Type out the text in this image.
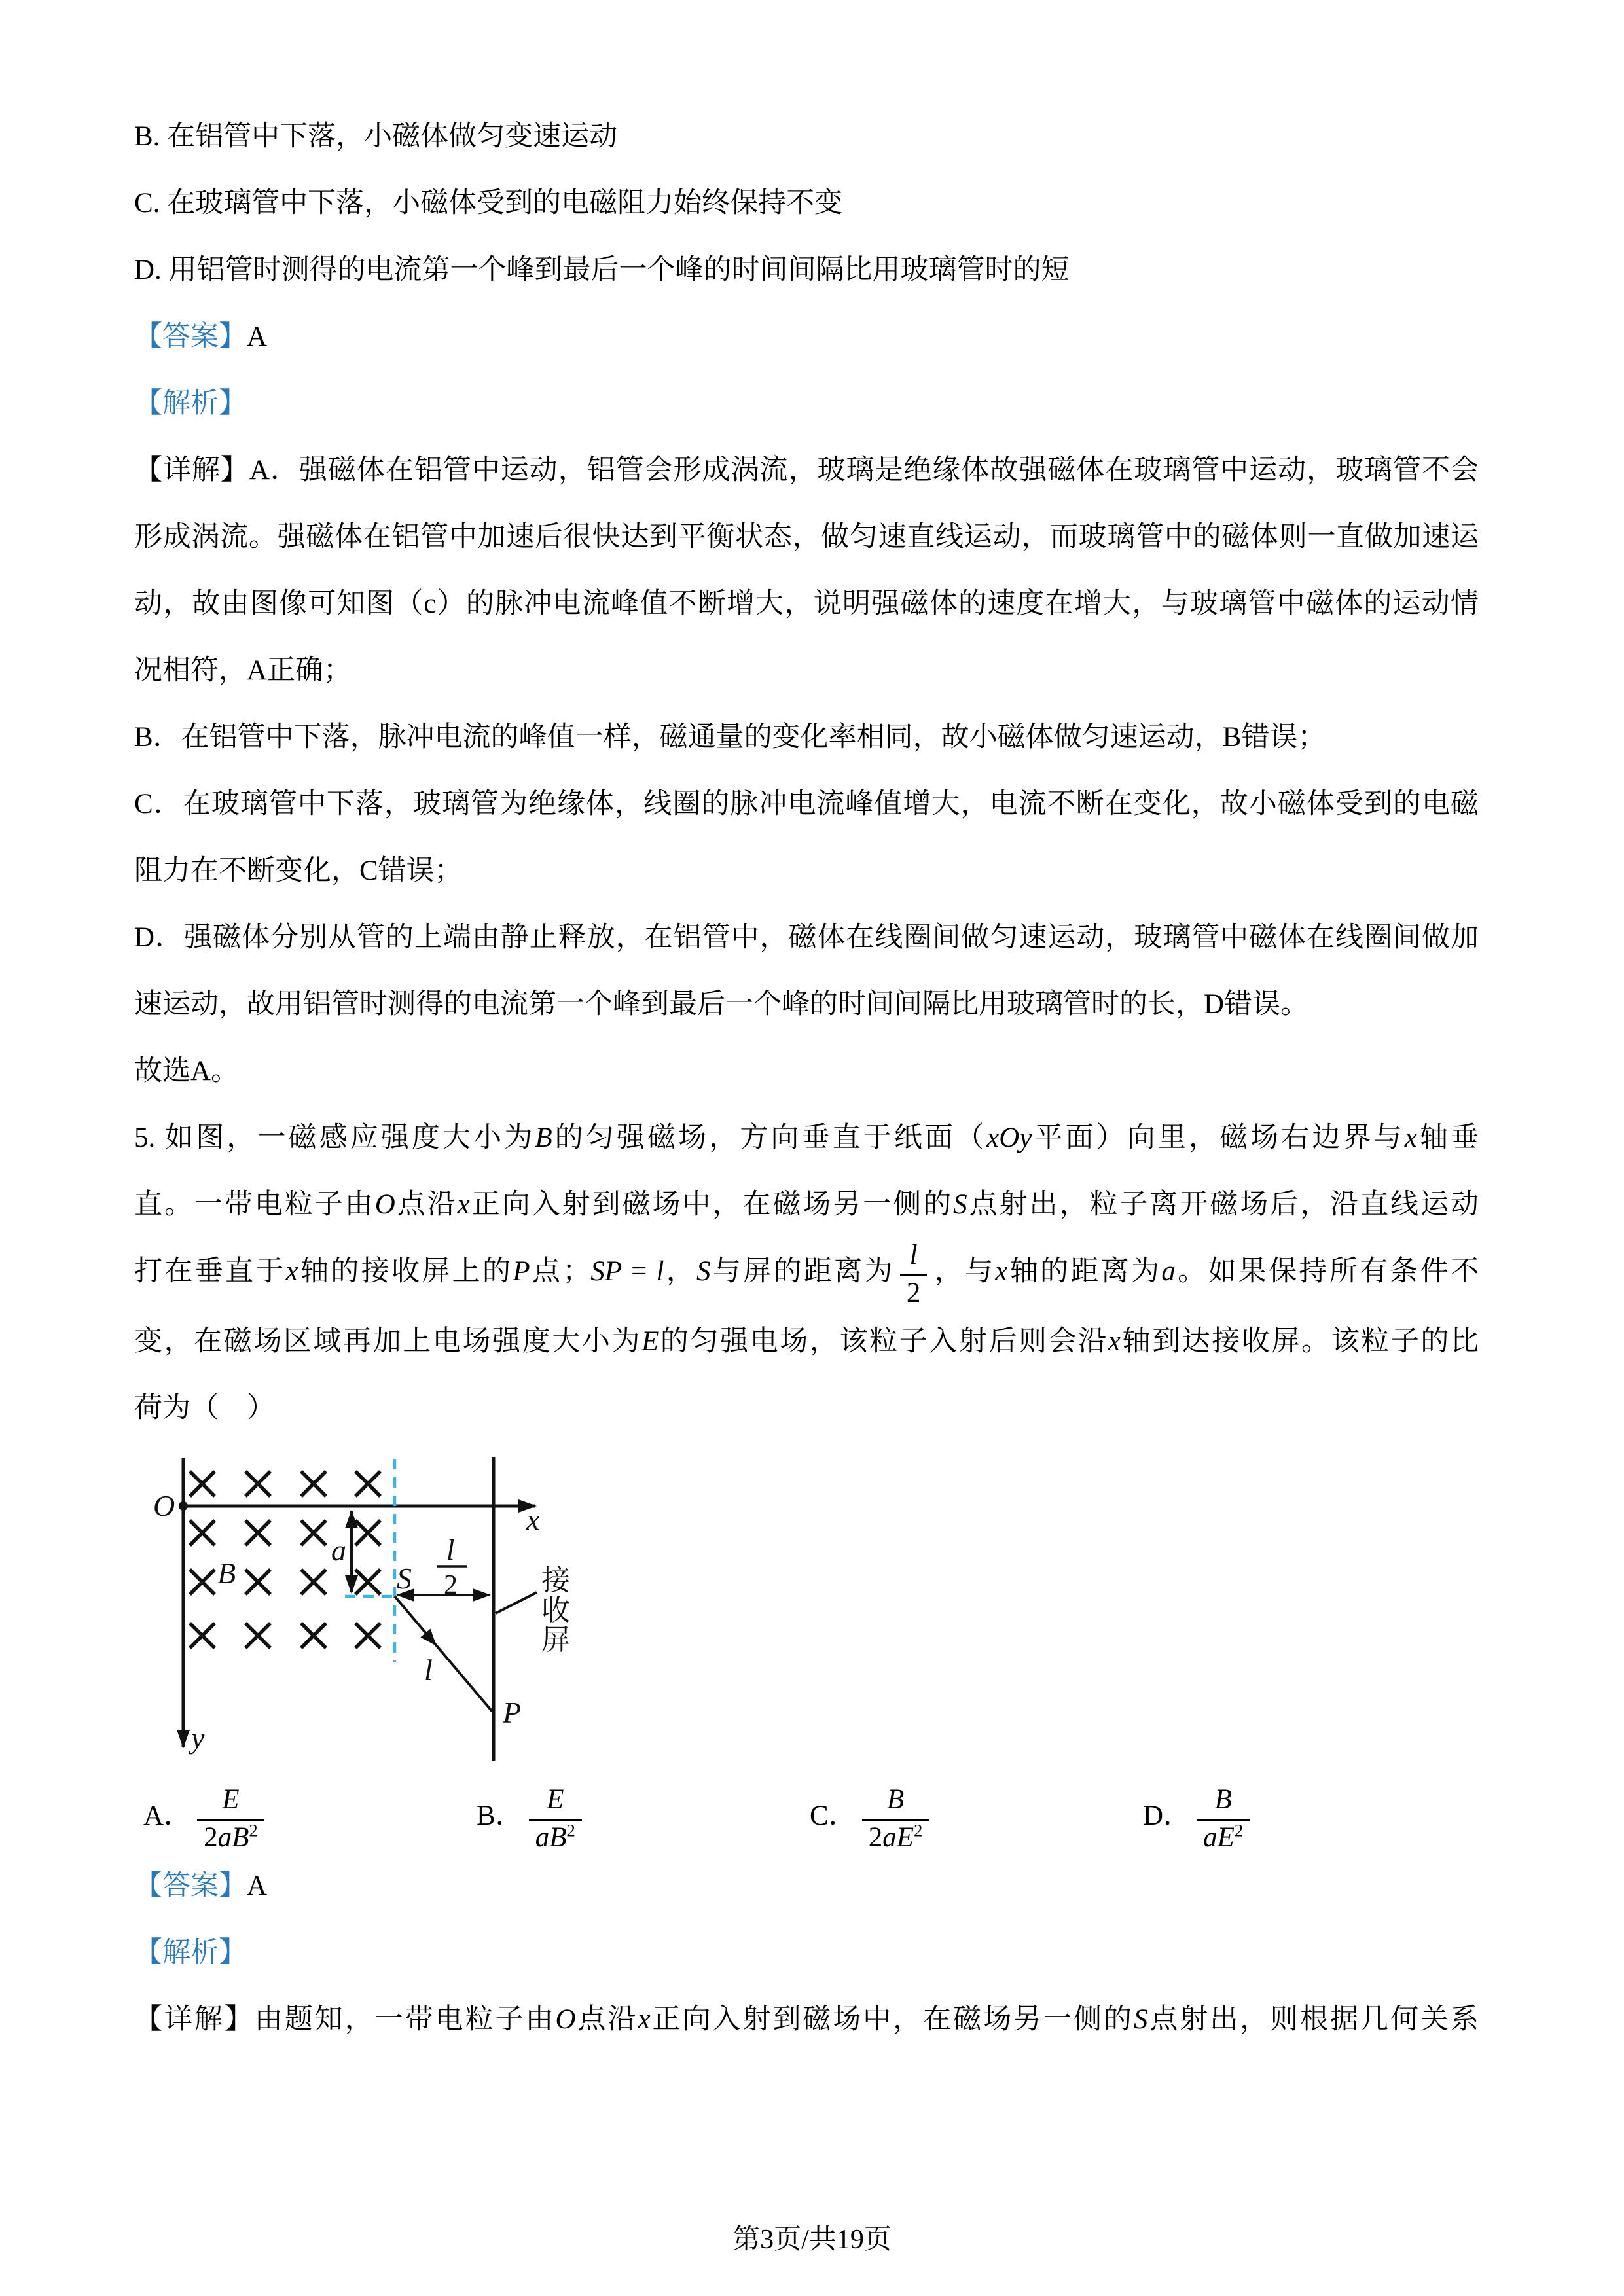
B. 在铝管中下落，小磁体做匀变速运动
C. 在玻璃管中下落，小磁体受到的电磁阻力始终保持不变
D. 用铝管时测得的电流第一个峰到最后一个峰的时间间隔比用玻璃管时的短
【答案】A
【解析】
【详解】A．强磁体在铝管中运动，铝管会形成涡流，玻璃是绝缘体故强磁体在玻璃管中运动，玻璃管不会
形成涡流。强磁体在铝管中加速后很快达到平衡状态，做匀速直线运动，而玻璃管中的磁体则一直做加速运
动，故由图像可知图（c）的脉冲电流峰值不断增大，说明强磁体的速度在增大，与玻璃管中磁体的运动情
况相符，A正确；
B．在铝管中下落，脉冲电流的峰值一样，磁通量的变化率相同，故小磁体做匀速运动，B错误；
C．在玻璃管中下落，玻璃管为绝缘体，线圈的脉冲电流峰值增大，电流不断在变化，故小磁体受到的电磁
阻力在不断变化，C错误；
D．强磁体分别从管的上端由静止释放，在铝管中，磁体在线圈间做匀速运动，玻璃管中磁体在线圈间做加
速运动，故用铝管时测得的电流第一个峰到最后一个峰的时间间隔比用玻璃管时的长，D错误。
故选A。
5. 如图，一磁感应强度大小为B的匀强磁场，方向垂直于纸面（xOy平面）向里，磁场右边界与x轴垂
直。一带电粒子由O点沿x正向入射到磁场中，在磁场另一侧的S点射出，粒子离开磁场后，沿直线运动
打在垂直于x轴的接收屏上的P点；SP = l，S与屏的距离为 $\frac{l}{2}$ ，与x轴的距离为a。如果保持所有条件不
变，在磁场区域再加上电场强度大小为E的匀强电场，该粒子入射后则会沿x轴到达接收屏。该粒子的比
荷为（　）
O	x
y
B
a
S
l
2
l
P
接
收
屏
A． $\frac{E}{2aB^2}$	B． $\frac{E}{aB^2}$	C． $\frac{B}{2aE^2}$	D． $\frac{B}{aE^2}$
【答案】A
【解析】
【详解】由题知，一带电粒子由O点沿x正向入射到磁场中，在磁场另一侧的S点射出，则根据几何关系
第3页/共19页
